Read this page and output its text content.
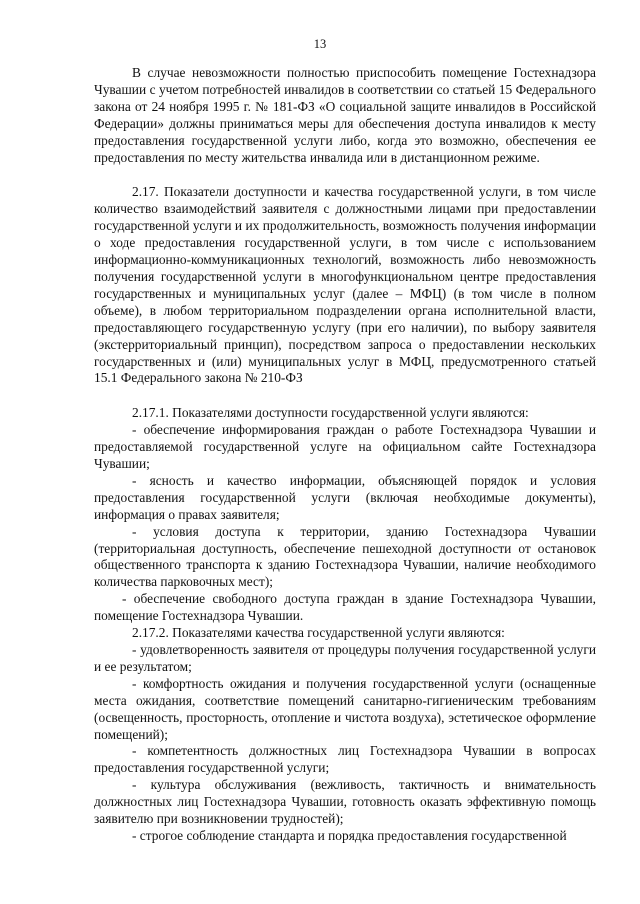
13

В случае невозможности полностью приспособить помещение Гостехнадзора Чувашии с учетом потребностей инвалидов в соответствии со статьей 15 Федерального закона от 24 ноября 1995 г. № 181-ФЗ «О социальной защите инвалидов в Российской Федерации» должны приниматься меры для обеспечения доступа инвалидов к месту предоставления государственной услуги либо, когда это возможно, обеспечения ее предоставления по месту жительства инвалида или в дистанционном режиме.

2.17. Показатели доступности и качества государственной услуги, в том числе количество взаимодействий заявителя с должностными лицами при предоставлении государственной услуги и их продолжительность, возможность получения информации о ходе предоставления государственной услуги, в том числе с использованием информационно-коммуникационных технологий, возможность либо невозможность получения государственной услуги в многофункциональном центре предоставления государственных и муниципальных услуг (далее – МФЦ) (в том числе в полном объеме), в любом территориальном подразделении органа исполнительной власти, предоставляющего государственную услугу (при его наличии), по выбору заявителя (экстерриториальный принцип), посредством запроса о предоставлении нескольких государственных и (или) муниципальных услуг в МФЦ, предусмотренного статьей 15.1 Федерального закона № 210-ФЗ

2.17.1. Показателями доступности государственной услуги являются:

- обеспечение информирования граждан о работе Гостехнадзора Чувашии и предоставляемой государственной услуге на официальном сайте Гостехнадзора Чувашии;

- ясность и качество информации, объясняющей порядок и условия предоставления государственной услуги (включая необходимые документы), информация о правах заявителя;

- условия доступа к территории, зданию Гостехнадзора Чувашии (территориальная доступность, обеспечение пешеходной доступности от остановок общественного транспорта к зданию Гостехнадзора Чувашии, наличие необходимого количества парковочных мест);

- обеспечение свободного доступа граждан в здание Гостехнадзора Чувашии, помещение Гостехнадзора Чувашии.

2.17.2. Показателями качества государственной услуги являются:

- удовлетворенность заявителя от процедуры получения государственной услуги и ее результатом;

- комфортность ожидания и получения государственной услуги (оснащенные места ожидания, соответствие помещений санитарно-гигиеническим требованиям (освещенность, просторность, отопление и чистота воздуха), эстетическое оформление помещений);

- компетентность должностных лиц Гостехнадзора Чувашии в вопросах предоставления государственной услуги;

- культура обслуживания (вежливость, тактичность и внимательность должностных лиц Гостехнадзора Чувашии, готовность оказать эффективную помощь заявителю при возникновении трудностей);

- строгое соблюдение стандарта и порядка предоставления государственной
